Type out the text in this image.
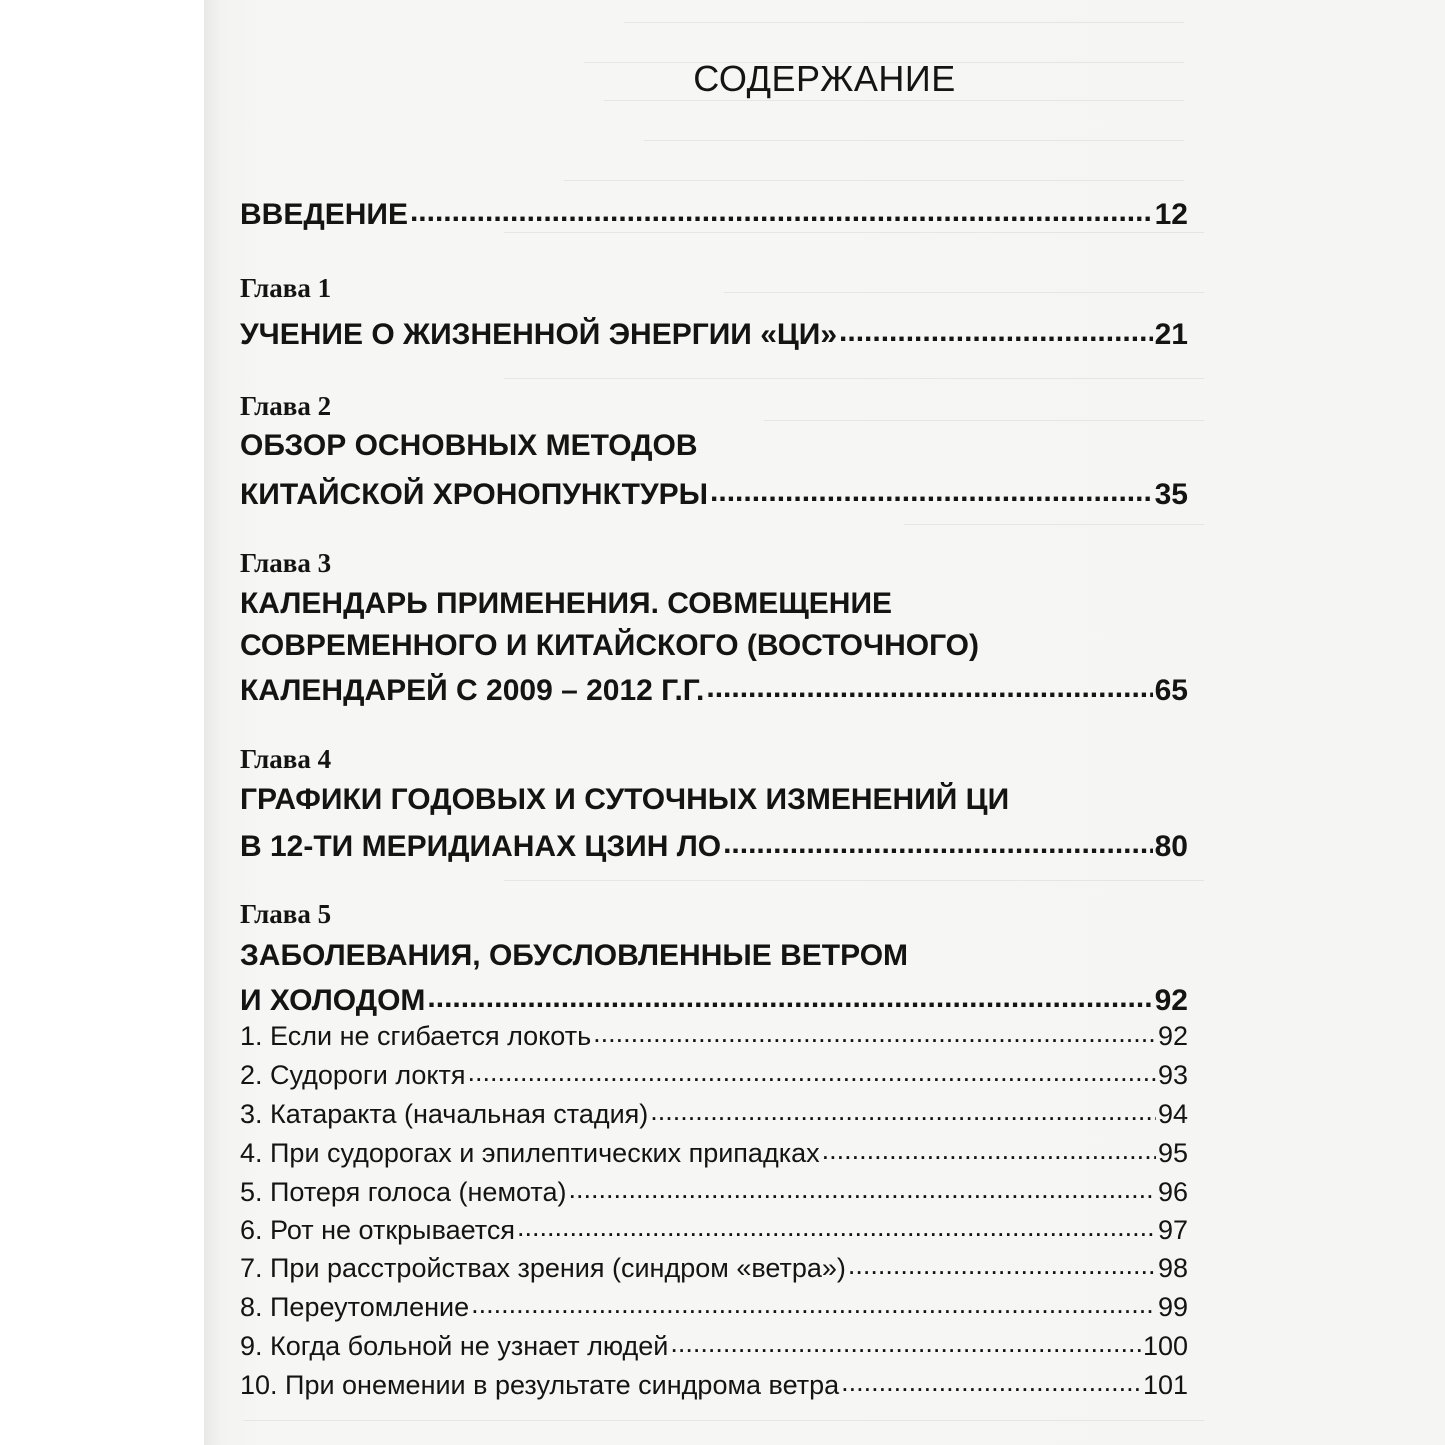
СОДЕРЖАНИЕ
ВВЕДЕНИЕ .....	12
Глава 1
УЧЕНИЕ О ЖИЗНЕННОЙ ЭНЕРГИИ «ЦИ» .....	21
Глава 2
ОБЗОР ОСНОВНЫХ МЕТОДОВ
КИТАЙСКОЙ ХРОНОПУНКТУРЫ .....	35
Глава 3
КАЛЕНДАРЬ ПРИМЕНЕНИЯ. СОВМЕЩЕНИЕ
СОВРЕМЕННОГО И КИТАЙСКОГО (ВОСТОЧНОГО)
КАЛЕНДАРЕЙ С 2009 – 2012 Г.Г. .....	65
Глава 4
ГРАФИКИ ГОДОВЫХ И СУТОЧНЫХ ИЗМЕНЕНИЙ ЦИ
В 12-ТИ МЕРИДИАНАХ ЦЗИН ЛО .....	80
Глава 5
ЗАБОЛЕВАНИЯ, ОБУСЛОВЛЕННЫЕ ВЕТРОМ
И ХОЛОДОМ .....	92
1. Если не сгибается локоть .....	92
2. Судороги локтя .....	93
3. Катаракта (начальная стадия) .....	94
4. При судорогах и эпилептических припадках .....	95
5. Потеря голоса (немота) .....	96
6. Рот не открывается .....	97
7. При расстройствах зрения (синдром «ветра») .....	98
8. Переутомление .....	99
9. Когда больной не узнает людей .....	100
10. При онемении в результате синдрома ветра .....	101
